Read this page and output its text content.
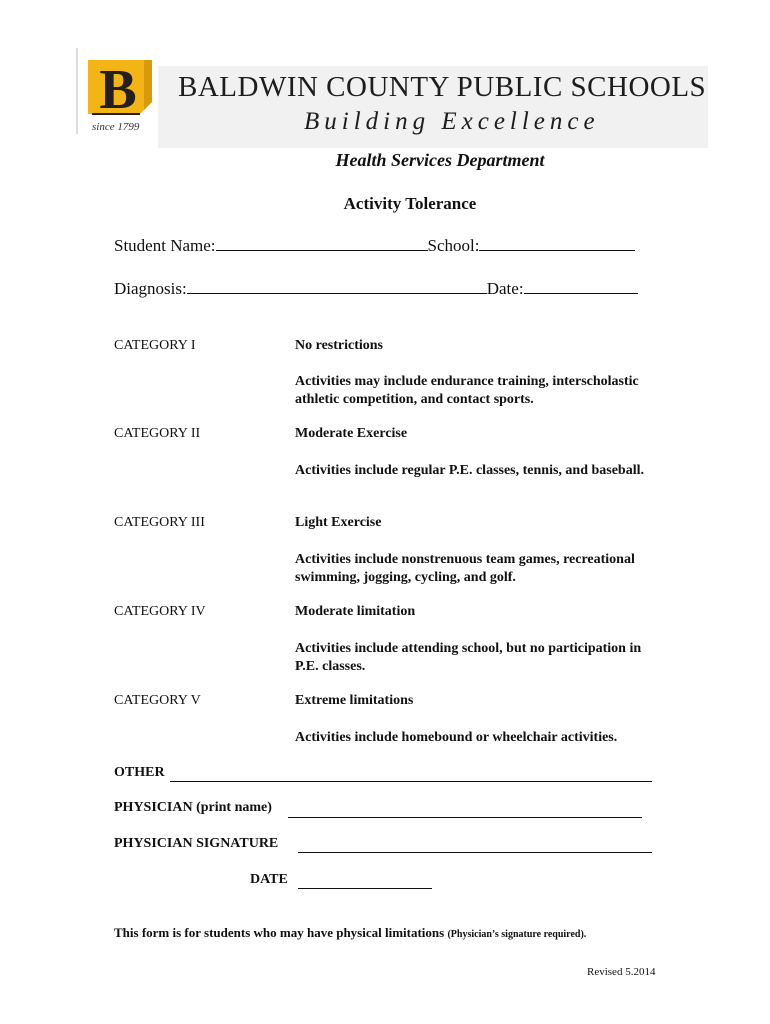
B
since 1799
BALDWIN COUNTY PUBLIC SCHOOLS
Building Excellence
Health Services Department
Activity Tolerance
Student Name:	School:
Diagnosis:	Date:
CATEGORY I	No restrictions
Activities may include endurance training, interscholastic athletic competition, and contact sports.
CATEGORY II	Moderate Exercise
Activities include regular P.E. classes, tennis, and baseball.
CATEGORY III	Light Exercise
Activities include nonstrenuous team games, recreational swimming, jogging, cycling, and golf.
CATEGORY IV	Moderate limitation
Activities include attending school, but no participation in P.E. classes.
CATEGORY V	Extreme limitations
Activities include homebound or wheelchair activities.
OTHER
PHYSICIAN (print name)
PHYSICIAN SIGNATURE
DATE
This form is for students who may have physical limitations (Physician’s signature required).
Revised 5.2014
